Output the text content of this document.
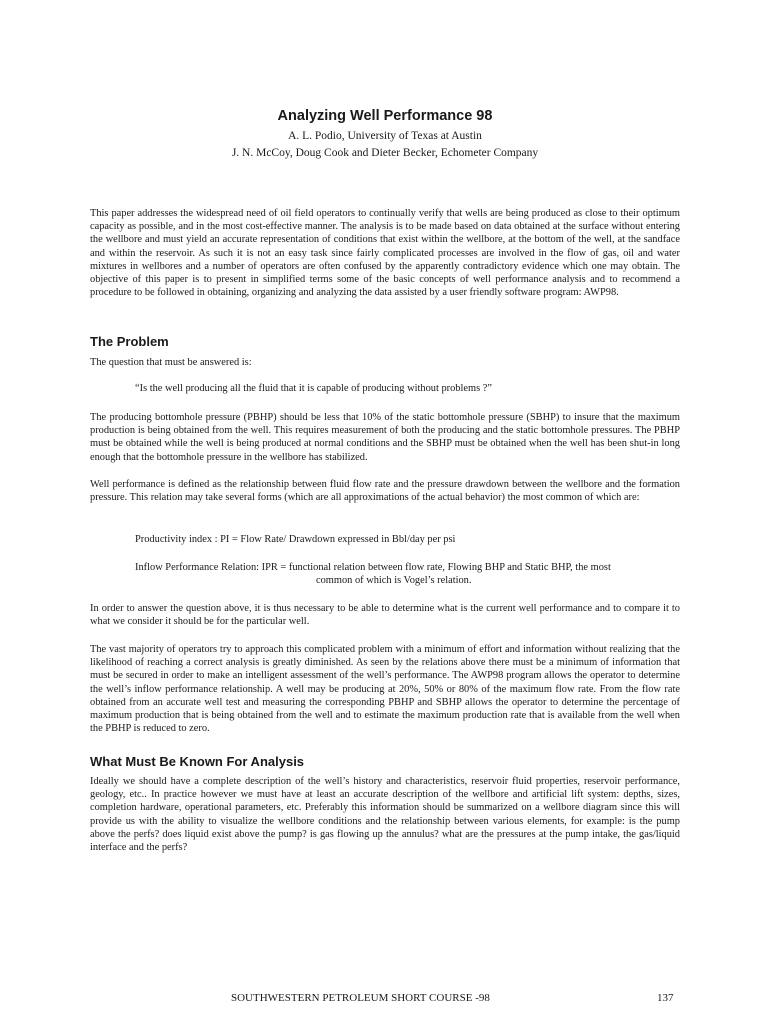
Analyzing Well Performance 98
A. L. Podio, University of Texas at Austin
J. N. McCoy, Doug Cook and Dieter Becker, Echometer Company

This paper addresses the widespread need of oil field operators to continually verify that wells are being produced as close to their optimum capacity as possible, and in the most cost-effective manner. The analysis is to be made based on data obtained at the surface without entering the wellbore and must yield an accurate representation of conditions that exist within the wellbore, at the bottom of the well, at the sandface and within the reservoir. As such it is not an easy task since fairly complicated processes are involved in the flow of gas, oil and water mixtures in wellbores and a number of operators are often confused by the apparently contradictory evidence which one may obtain. The objective of this paper is to present in simplified terms some of the basic concepts of well performance analysis and to recommend a procedure to be followed in obtaining, organizing and analyzing the data assisted by a user friendly software program: AWP98.

The Problem

The question that must be answered is:

“Is the well producing all the fluid that it is capable of producing without problems ?”

The producing bottomhole pressure (PBHP) should be less that 10% of the static bottomhole pressure (SBHP) to insure that the maximum production is being obtained from the well. This requires measurement of both the producing and the static bottomhole pressures. The PBHP must be obtained while the well is being produced at normal conditions and the SBHP must be obtained when the well has been shut-in long enough that the bottomhole pressure in the wellbore has stabilized.

Well performance is defined as the relationship between fluid flow rate and the pressure drawdown between the wellbore and the formation pressure. This relation may take several forms (which are all approximations of the actual behavior) the most common of which are:

Productivity index : PI = Flow Rate/ Drawdown expressed in Bbl/day per psi

Inflow Performance Relation: IPR = functional relation between flow rate, Flowing BHP and Static BHP, the most

common of which is Vogel’s relation.

In order to answer the question above, it is thus necessary to be able to determine what is the current well performance and to compare it to what we consider it should be for the particular well.

The vast majority of operators try to approach this complicated problem with a minimum of effort and information without realizing that the likelihood of reaching a correct analysis is greatly diminished. As seen by the relations above there must be a minimum of information that must be secured in order to make an intelligent assessment of the well’s performance. The AWP98 program allows the operator to determine the well’s inflow performance relationship. A well may be producing at 20%, 50% or 80% of the maximum flow rate. From the flow rate obtained from an accurate well test and measuring the corresponding PBHP and SBHP allows the operator to determine the percentage of maximum production that is being obtained from the well and to estimate the maximum production rate that is available from the well when the PBHP is reduced to zero.

What Must Be Known For Analysis

Ideally we should have a complete description of the well’s history and characteristics, reservoir fluid properties, reservoir performance, geology, etc.. In practice however we must have at least an accurate description of the wellbore and artificial lift system: depths, sizes, completion hardware, operational parameters, etc. Preferably this information should be summarized on a wellbore diagram since this will provide us with the ability to visualize the wellbore conditions and the relationship between various elements, for example: is the pump above the perfs? does liquid exist above the pump? is gas flowing up the annulus? what are the pressures at the pump intake, the gas/liquid interface and the perfs?

SOUTHWESTERN PETROLEUM SHORT COURSE -98	137
